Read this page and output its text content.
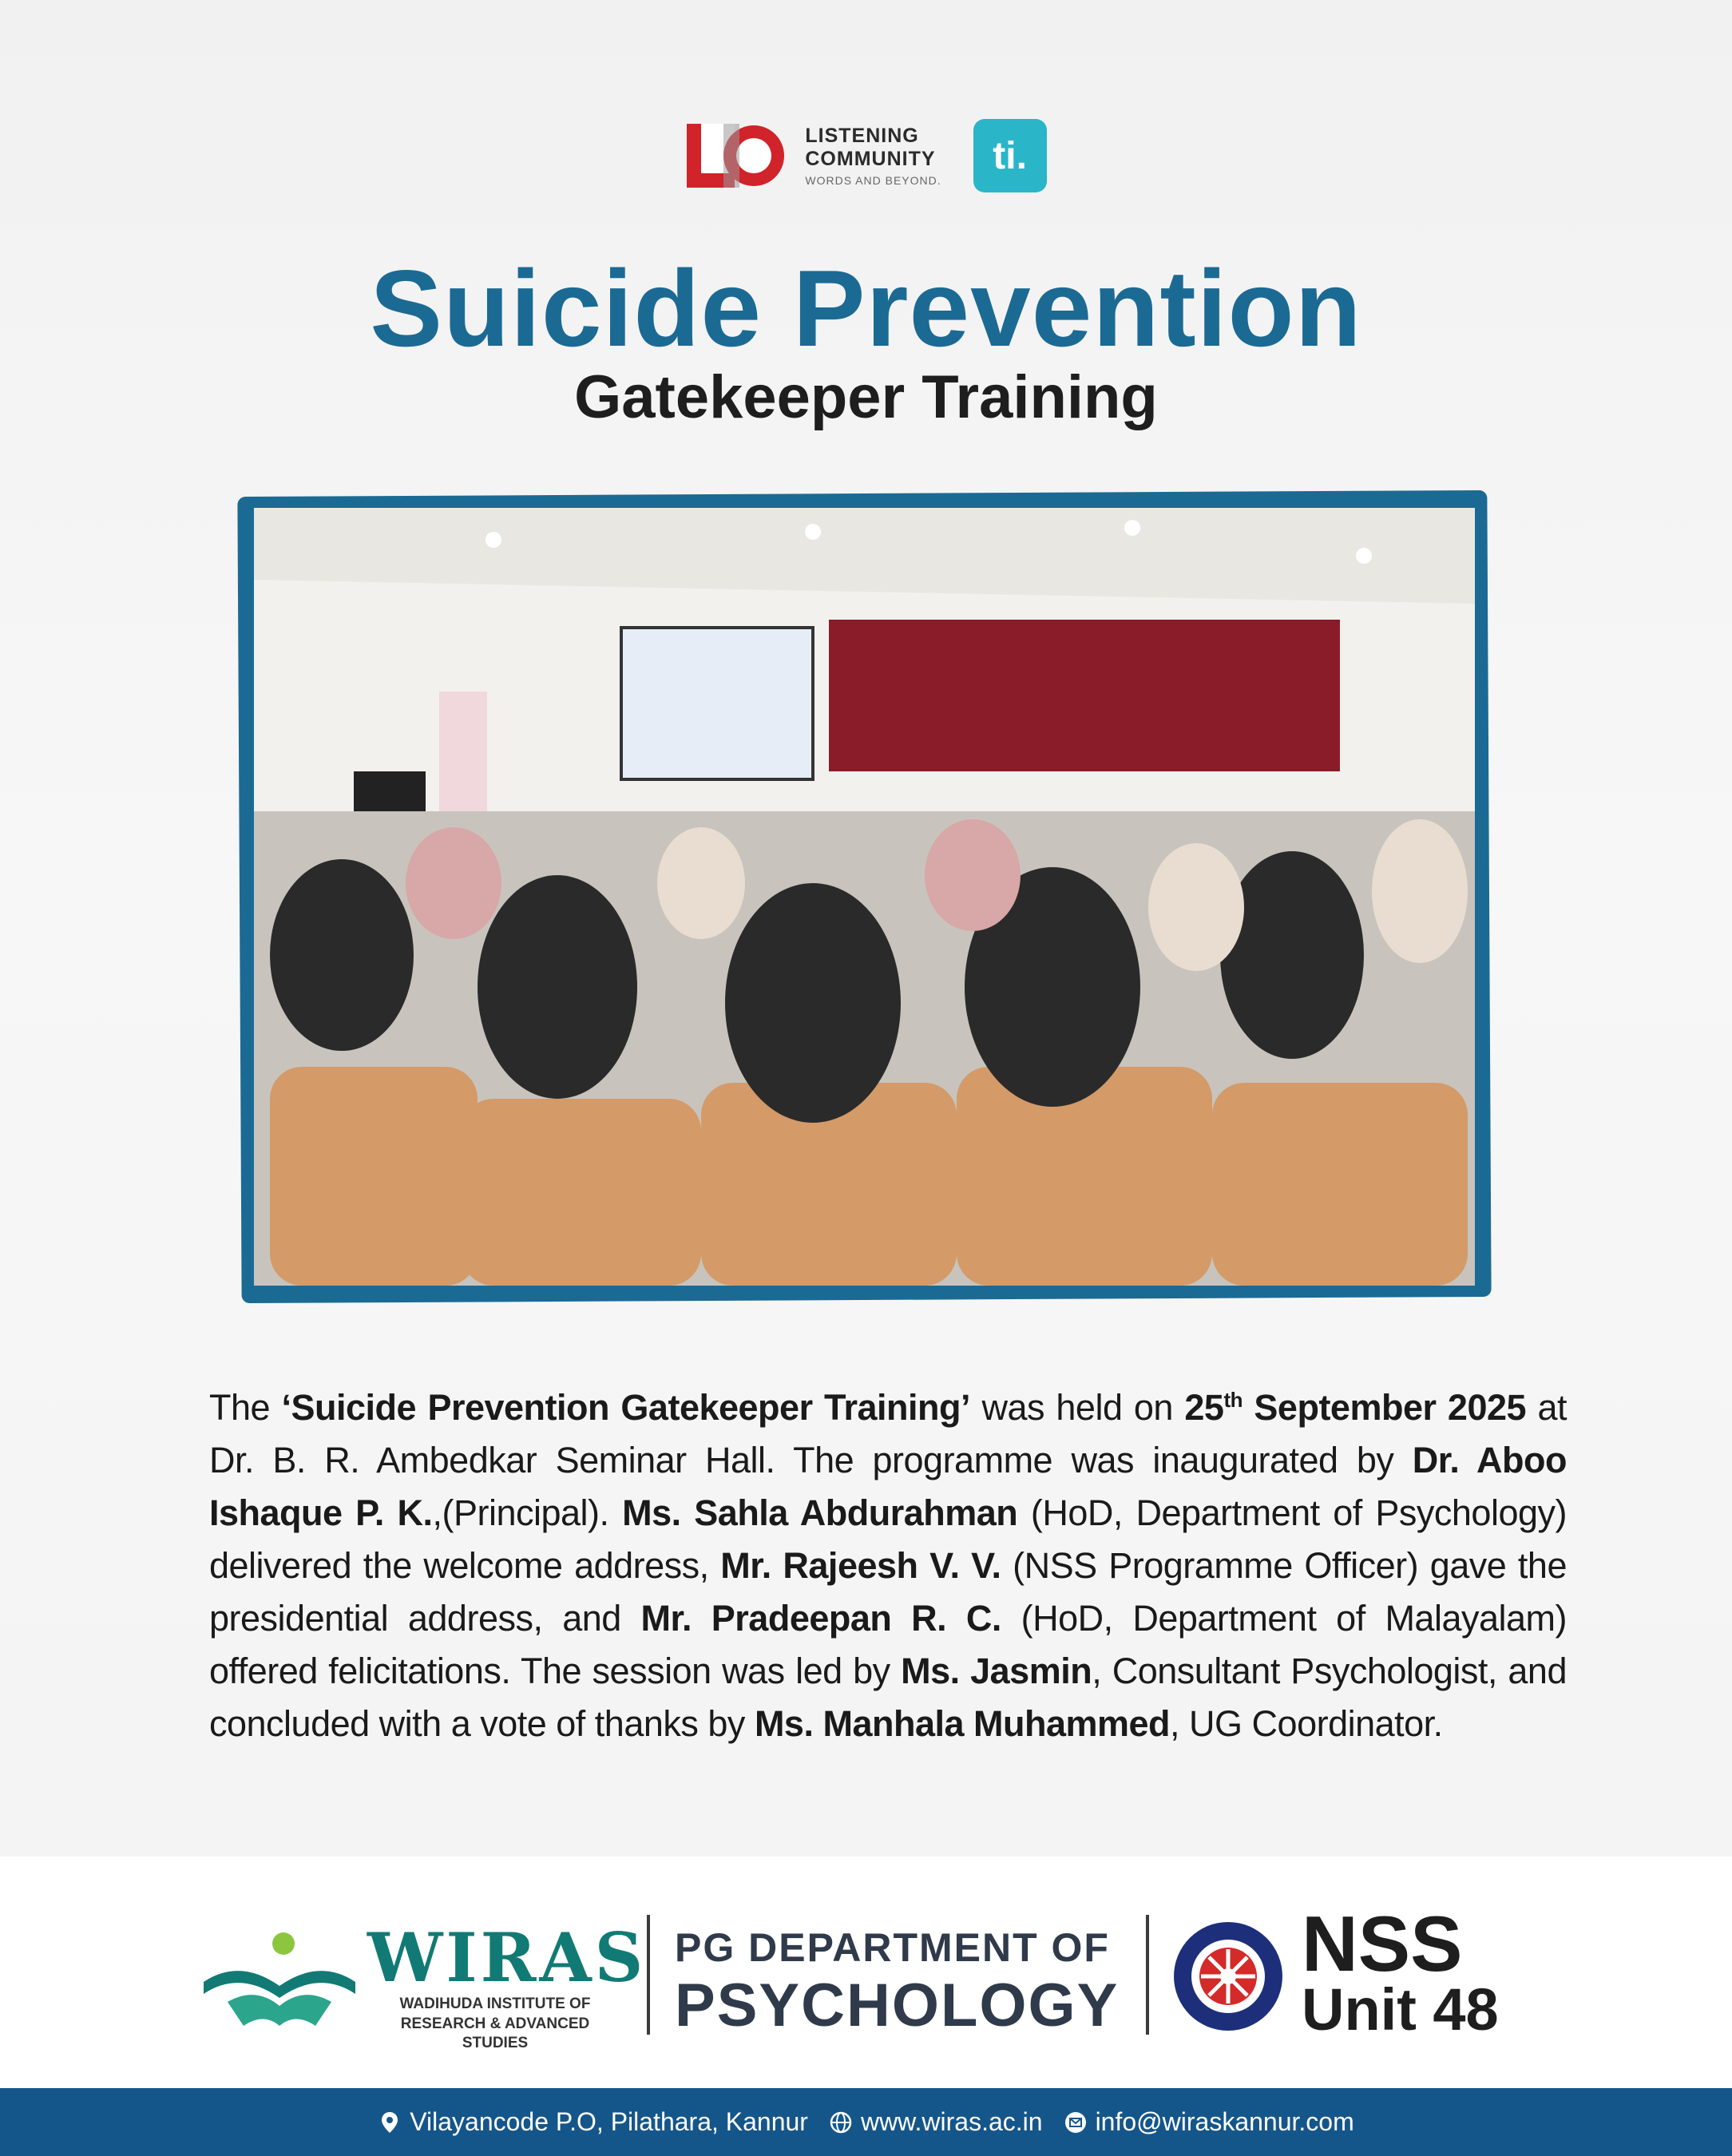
LISTENING
COMMUNITY
WORDS AND BEYOND.
ti.
Suicide Prevention
Gatekeeper Training
The ‘Suicide Prevention Gatekeeper Training’ was held on 25th September 2025 at Dr. B. R. Ambedkar Seminar Hall. The programme was inaugurated by Dr. Aboo Ishaque P. K.,(Principal). Ms. Sahla Abdurahman (HoD, Department of Psychology) delivered the welcome address, Mr. Rajeesh V. V. (NSS Programme Officer) gave the presidential address, and Mr. Pradeepan R. C. (HoD, Department of Malayalam) offered felicitations. The session was led by Ms. Jasmin, Consultant Psychologist, and concluded with a vote of thanks by Ms. Manhala Muhammed, UG Coordinator.
WIRAS
WADIHUDA INSTITUTE OF
RESEARCH & ADVANCED STUDIES
PG DEPARTMENT OF
PSYCHOLOGY
NSS
Unit 48
Vilayancode P.O, Pilathara, Kannur www.wiras.ac.in info@wiraskannur.com
